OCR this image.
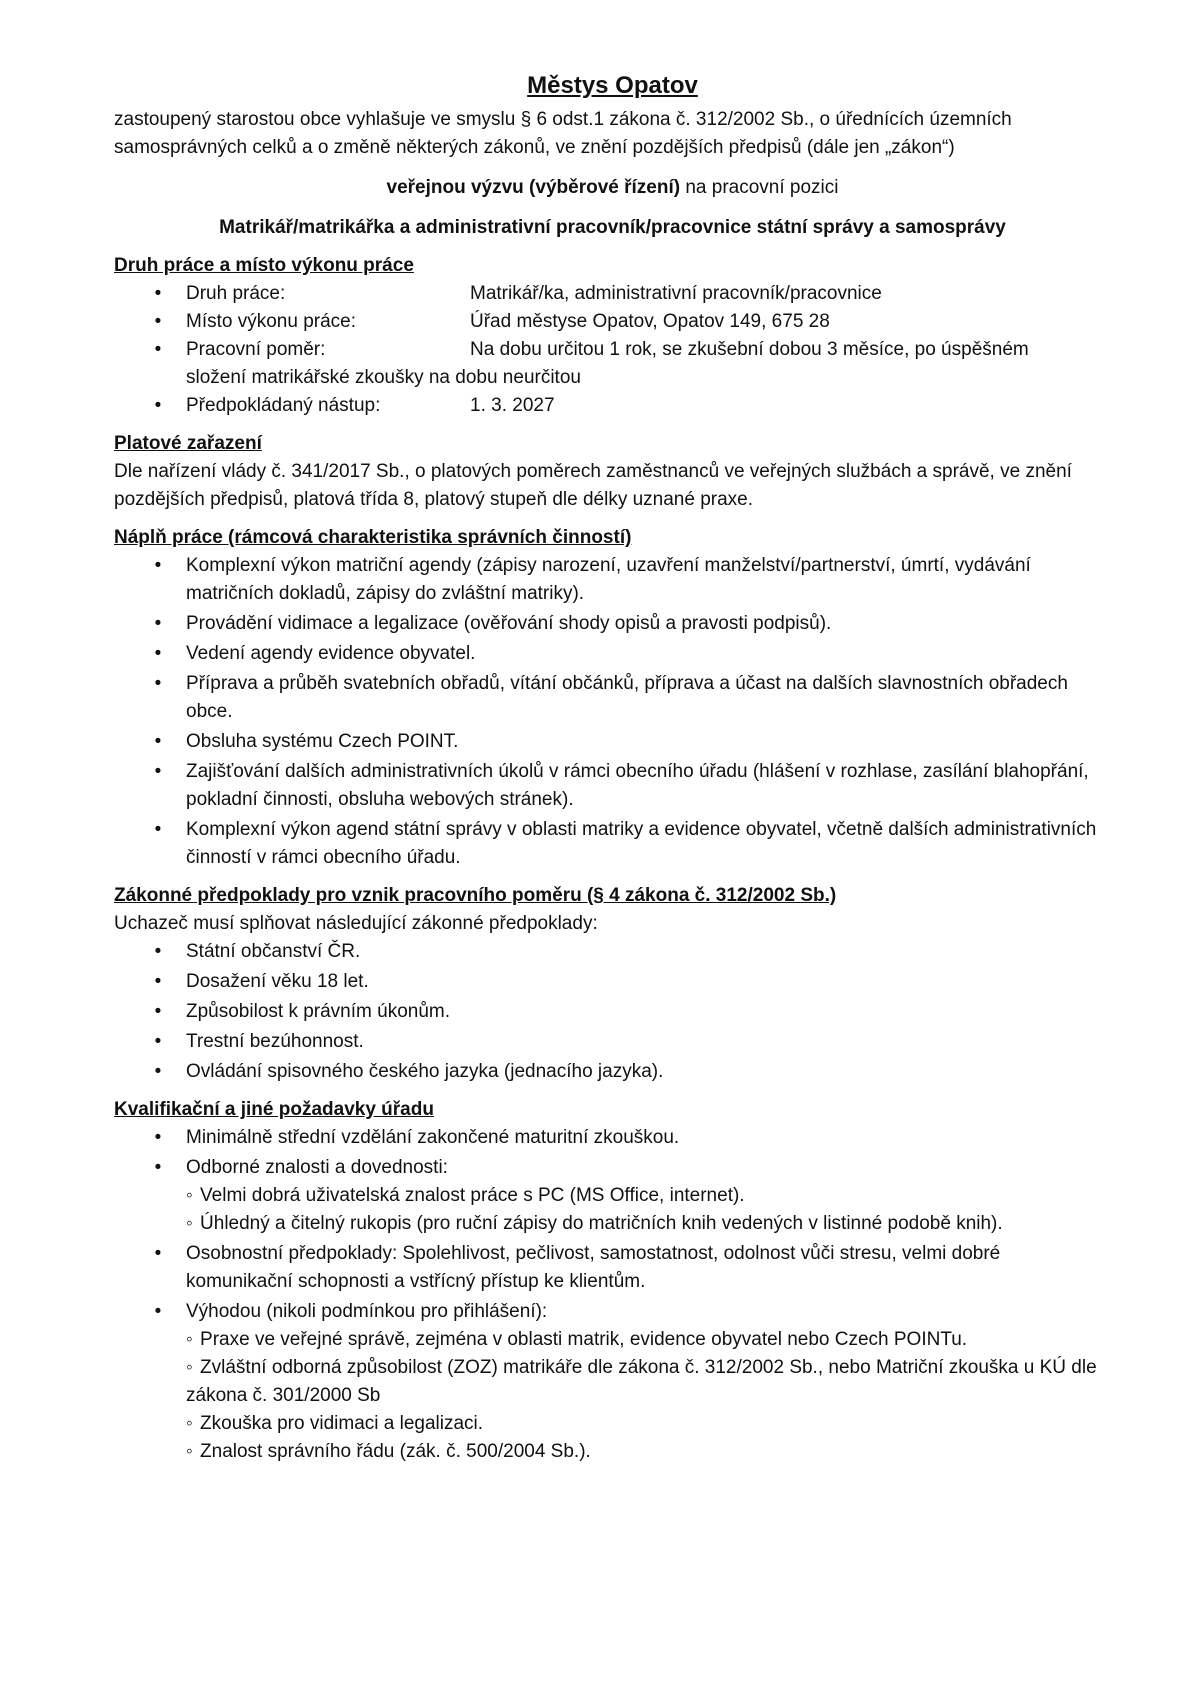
Městys Opatov

zastoupený starostou obce vyhlašuje ve smyslu § 6 odst.1 zákona č. 312/2002 Sb., o úřednících územních samosprávných celků a o změně některých zákonů, ve znění pozdějších předpisů (dále jen „zákon“)

veřejnou výzvu (výběrové řízení) na pracovní pozici

Matrikář/matrikářka a administrativní pracovník/pracovnice státní správy a samosprávy

Druh práce a místo výkonu práce

•	Druh práce:	Matrikář/ka, administrativní pracovník/pracovnice
•	Místo výkonu práce:	Úřad městyse Opatov, Opatov 149, 675 28
•	Pracovní poměr:	Na dobu určitou 1 rok, se zkušební dobou 3 měsíce, po úspěšném
složení matrikářské zkoušky na dobu neurčitou
•	Předpokládaný nástup:	1. 3. 2027

Platové zařazení

Dle nařízení vlády č. 341/2017 Sb., o platových poměrech zaměstnanců ve veřejných službách a správě, ve znění pozdějších předpisů, platová třída 8, platový stupeň dle délky uznané praxe.

Náplň práce (rámcová charakteristika správních činností)

•	Komplexní výkon matriční agendy (zápisy narození, uzavření manželství/partnerství, úmrtí, vydávání matričních dokladů, zápisy do zvláštní matriky).
•	Provádění vidimace a legalizace (ověřování shody opisů a pravosti podpisů).
•	Vedení agendy evidence obyvatel.
•	Příprava a průběh svatebních obřadů, vítání občánků, příprava a účast na dalších slavnostních obřadech obce.
•	Obsluha systému Czech POINT.
•	Zajišťování dalších administrativních úkolů v rámci obecního úřadu (hlášení v rozhlase, zasílání blahopřání, pokladní činnosti, obsluha webových stránek).
•	Komplexní výkon agend státní správy v oblasti matriky a evidence obyvatel, včetně dalších administrativních činností v rámci obecního úřadu.

Zákonné předpoklady pro vznik pracovního poměru (§ 4 zákona č. 312/2002 Sb.)

Uchazeč musí splňovat následující zákonné předpoklady:

•	Státní občanství ČR.
•	Dosažení věku 18 let.
•	Způsobilost k právním úkonům.
•	Trestní bezúhonnost.
•	Ovládání spisovného českého jazyka (jednacího jazyka).

Kvalifikační a jiné požadavky úřadu

•	Minimálně střední vzdělání zakončené maturitní zkouškou.
•	Odborné znalosti a dovednosti:
◦ Velmi dobrá uživatelská znalost práce s PC (MS Office, internet).
◦ Úhledný a čitelný rukopis (pro ruční zápisy do matričních knih vedených v listinné podobě knih).
•	Osobnostní předpoklady: Spolehlivost, pečlivost, samostatnost, odolnost vůči stresu, velmi dobré komunikační schopnosti a vstřícný přístup ke klientům.
•	Výhodou (nikoli podmínkou pro přihlášení):
◦ Praxe ve veřejné správě, zejména v oblasti matrik, evidence obyvatel nebo Czech POINTu.
◦ Zvláštní odborná způsobilost (ZOZ) matrikáře dle zákona č. 312/2002 Sb., nebo Matriční zkouška u KÚ dle zákona č. 301/2000 Sb
◦ Zkouška pro vidimaci a legalizaci.
◦ Znalost správního řádu (zák. č. 500/2004 Sb.).
